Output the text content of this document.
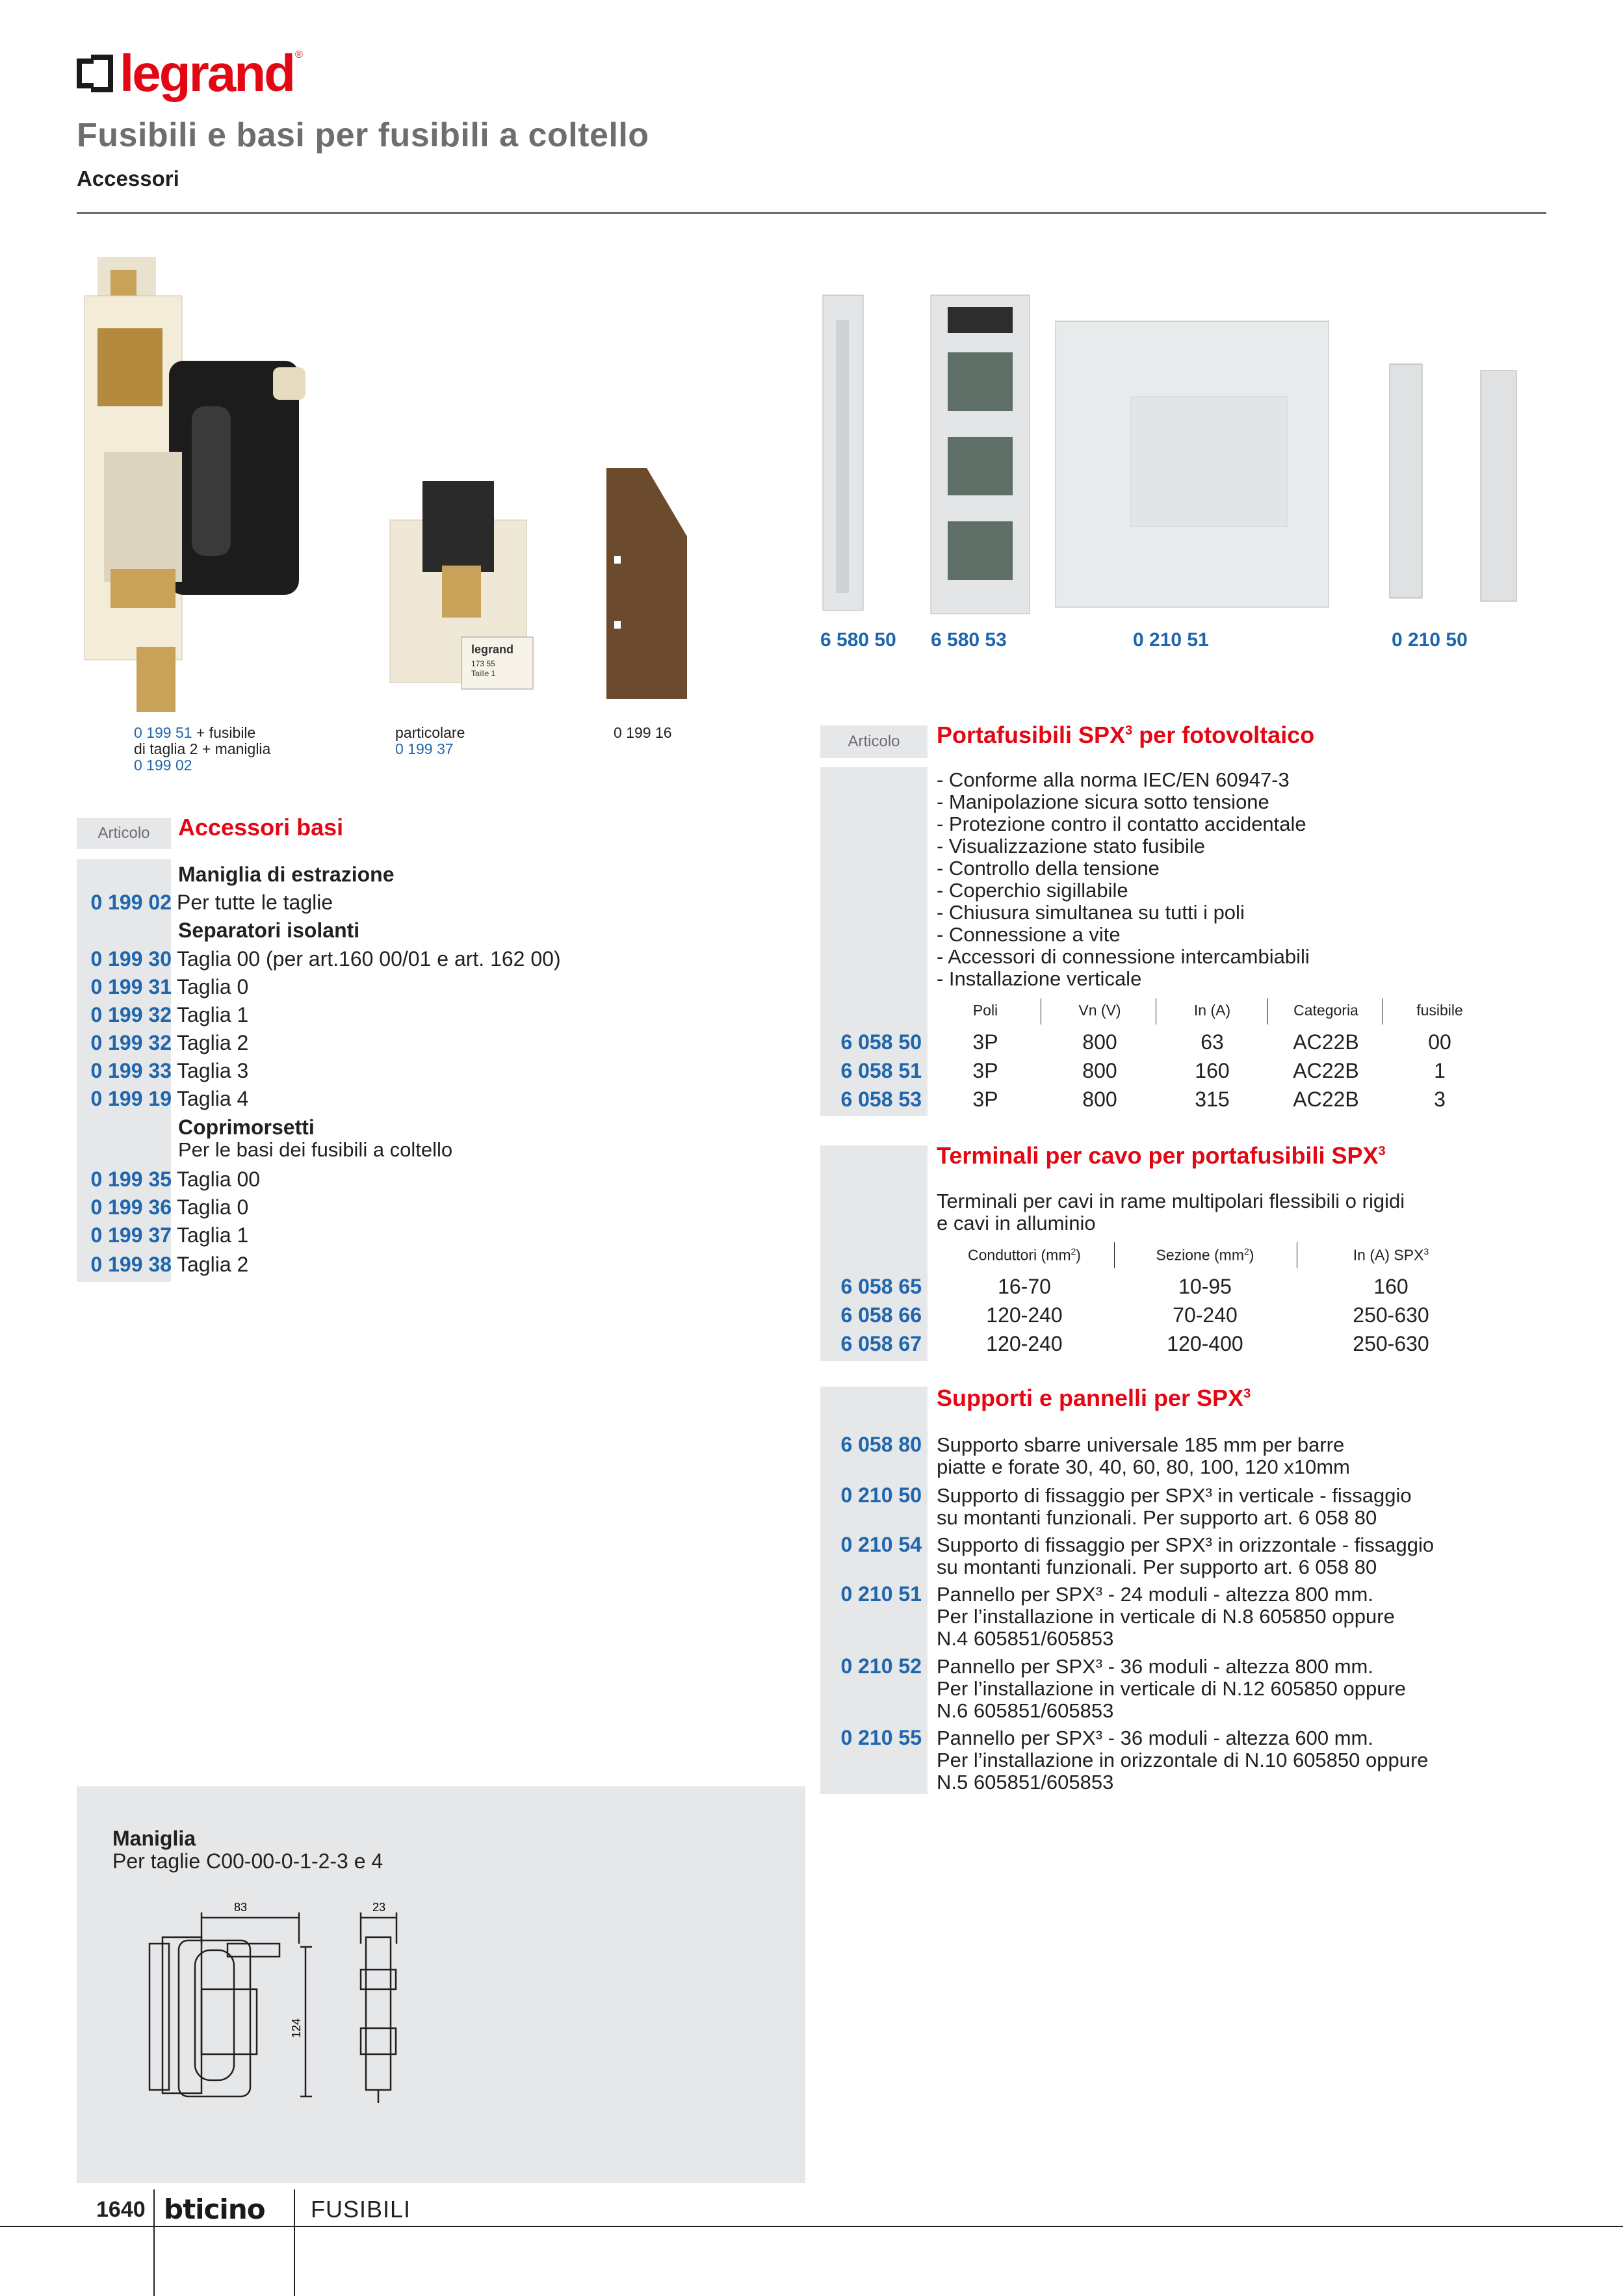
legrand ®
Fusibili e basi per fusibili a coltello
Accessori
legrand
173 55
Taille 1
0 199 51 + fusibile
di taglia 2 + maniglia
0 199 02
particolare
0 199 37
0 199 16
6 580 50 6 580 53	0 210 51	0 210 50
Articolo	Accessori basi
Maniglia di estrazione
0 199 02 Per tutte le taglie
Separatori isolanti
0 199 30 Taglia 00 (per art.160 00/01 e art. 162 00)
0 199 31 Taglia 0
0 199 32 Taglia 1
0 199 32 Taglia 2
0 199 33 Taglia 3
0 199 19 Taglia 4
Coprimorsetti
Per le basi dei fusibili a coltello
0 199 35 Taglia 00
0 199 36 Taglia 0
0 199 37 Taglia 1
0 199 38 Taglia 2
Articolo	Portafusibili SPX$^3$ per fotovoltaico
- Conforme alla norma IEC/EN 60947-3
- Manipolazione sicura sotto tensione
- Protezione contro il contatto accidentale
- Visualizzazione stato fusibile
- Controllo della tensione
- Coperchio sigillabile
- Chiusura simultanea su tutti i poli
- Connessione a vite
- Accessori di connessione intercambiabili
- Installazione verticale
Poli	Vn (V)	In (A)	Categoria	fusibile
6 058 50	3P	800	63	AC22B	00
6 058 51	3P	800	160	AC22B	1
6 058 53	3P	800	315	AC22B	3
Terminali per cavo per portafusibili SPX$^3$
Terminali per cavi in rame multipolari flessibili o rigidi
e cavi in alluminio
Conduttori $(mm^2)$	Sezione $(mm^2)$	In (A) SPX$^3$
6 058 65	16-70	10-95	160
6 058 66	120-240	70-240	250-630
6 058 67	120-240	120-400	250-630
Supporti e pannelli per SPX$^3$
6 058 80 Supporto sbarre universale 185 mm per barre
piatte e forate 30, 40, 60, 80, 100, 120 x10mm
0 210 50 Supporto di fissaggio per SPX³ in verticale - fissaggio
su montanti funzionali. Per supporto art. 6 058 80
0 210 54 Supporto di fissaggio per SPX³ in orizzontale - fissaggio
su montanti funzionali. Per supporto art. 6 058 80
0 210 51 Pannello per SPX³ - 24 moduli - altezza 800 mm.
Per l’installazione in verticale di N.8 605850 oppure
N.4 605851/605853
0 210 52 Pannello per SPX³ - 36 moduli - altezza 800 mm.
Per l’installazione in verticale di N.12 605850 oppure
N.6 605851/605853
0 210 55 Pannello per SPX³ - 36 moduli - altezza 600 mm.
Per l’installazione in orizzontale di N.10 605850 oppure
N.5 605851/605853
Maniglia
Per taglie C00-00-0-1-2-3 e 4
83
124
23
1640 bticino FUSIBILI
